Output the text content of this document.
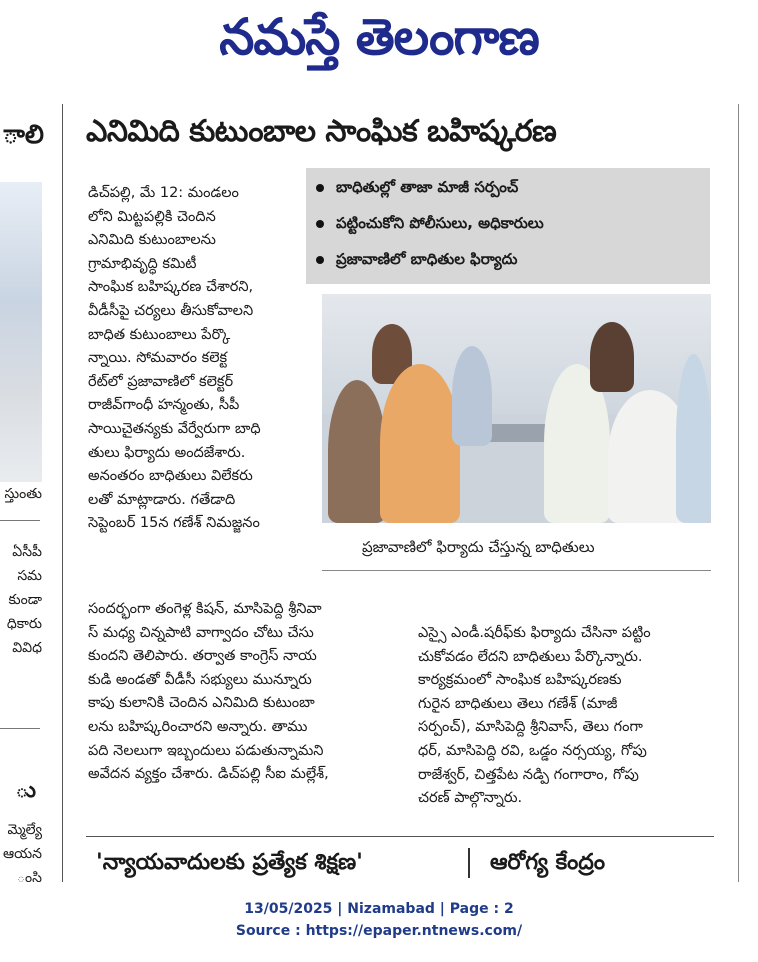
నమస్తే తెలంగాణ
ాలి
స్తుంతు
ఏసీపీ
సమ
కుండా
ధికారు
వివిధ
ు
మ్మెల్యే
ఆయన
ంసి
ఎనిమిది కుటుంబాల సాంఘిక బహిష్కరణ
బాధితుల్లో తాజా మాజీ సర్పంచ్
పట్టించుకోని పోలీసులు, అధికారులు
ప్రజావాణిలో బాధితుల ఫిర్యాదు
డిచ్‌పల్లి, మే 12: మండలం
లోని మిట్టపల్లికి చెందిన
ఎనిమిది కుటుంబాలను
గ్రామాభివృద్ధి కమిటీ
సాంఘిక బహిష్కరణ చేశారని,
వీడీసీపై చర్యలు తీసుకోవాలని
బాధిత కుటుంబాలు పేర్కొ
న్నాయి. సోమవారం కలెక్ట
రేట్‌లో ప్రజావాణిలో కలెక్టర్
రాజీవ్‌గాంధీ హన్మంతు, సీపీ
సాయిచైతన్యకు వేర్వేరుగా బాధి
తులు ఫిర్యాదు అందజేశారు.
అనంతరం బాధితులు విలేకరు
లతో మాట్లాడారు. గతేడాది
సెప్టెంబర్ 15న గణేశ్ నిమజ్జనం
ప్రజావాణిలో ఫిర్యాదు చేస్తున్న బాధితులు
సందర్భంగా తంగెళ్ల కిషన్, మాసిపెద్ది శ్రీనివా
స్ మధ్య చిన్నపాటి వాగ్వాదం చోటు చేసు
కుందని తెలిపారు. తర్వాత కాంగ్రెస్ నాయ
కుడి అండతో వీడీసీ సభ్యులు మున్నూరు
కాపు కులానికి చెందిన ఎనిమిది కుటుంబా
లను బహిష్కరించారని అన్నారు. తాము
పది నెలలుగా ఇబ్బందులు పడుతున్నామని
అవేదన వ్యక్తం చేశారు. డిచ్‌పల్లి సీఐ మల్లేశ్,
ఎస్సై ఎండీ.షరీఫ్‌కు ఫిర్యాదు చేసినా పట్టిం
చుకోవడం లేదని బాధితులు పేర్కొన్నారు.
కార్యక్రమంలో సాంఘిక బహిష్కరణకు
గురైన బాధితులు తెలు గణేశ్ (మాజీ
సర్పంచ్), మాసిపెద్ది శ్రీనివాస్, తెలు గంగా
ధర్, మాసిపెద్ది రవి, ఒడ్డం నర్సయ్య, గోపు
రాజేశ్వర్, చిత్తపేట నడ్పి గంగారాం, గోపు
చరణ్ పాల్గొన్నారు.
'న్యాయవాదులకు ప్రత్యేక శిక్షణ'	ఆరోగ్య కేంద్రం
13/05/2025 | Nizamabad | Page : 2
Source : https://epaper.ntnews.com/
